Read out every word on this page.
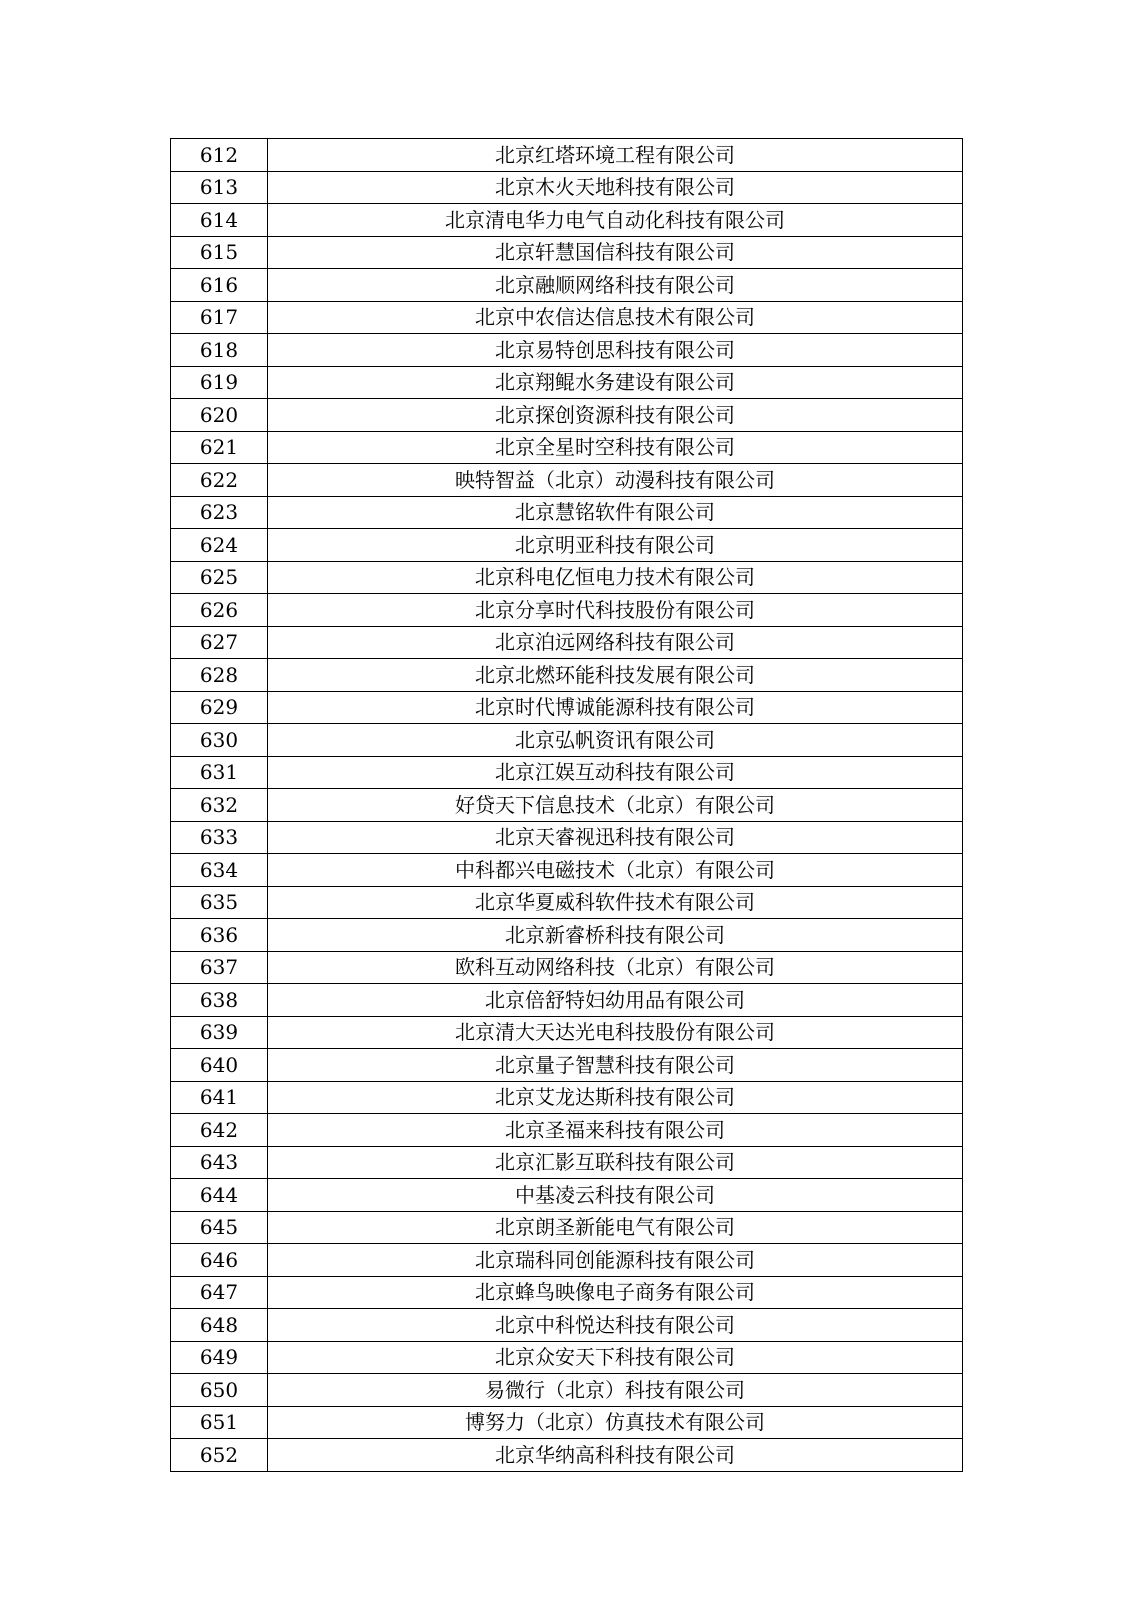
612	北京红塔环境工程有限公司
613	北京木火天地科技有限公司
614	北京清电华力电气自动化科技有限公司
615	北京轩慧国信科技有限公司
616	北京融顺网络科技有限公司
617	北京中农信达信息技术有限公司
618	北京易特创思科技有限公司
619	北京翔鲲水务建设有限公司
620	北京探创资源科技有限公司
621	北京全星时空科技有限公司
622	映特智益（北京）动漫科技有限公司
623	北京慧铭软件有限公司
624	北京明亚科技有限公司
625	北京科电亿恒电力技术有限公司
626	北京分享时代科技股份有限公司
627	北京泊远网络科技有限公司
628	北京北燃环能科技发展有限公司
629	北京时代博诚能源科技有限公司
630	北京弘帆资讯有限公司
631	北京江娱互动科技有限公司
632	好贷天下信息技术（北京）有限公司
633	北京天睿视迅科技有限公司
634	中科都兴电磁技术（北京）有限公司
635	北京华夏威科软件技术有限公司
636	北京新睿桥科技有限公司
637	欧科互动网络科技（北京）有限公司
638	北京倍舒特妇幼用品有限公司
639	北京清大天达光电科技股份有限公司
640	北京量子智慧科技有限公司
641	北京艾龙达斯科技有限公司
642	北京圣福来科技有限公司
643	北京汇影互联科技有限公司
644	中基凌云科技有限公司
645	北京朗圣新能电气有限公司
646	北京瑞科同创能源科技有限公司
647	北京蜂鸟映像电子商务有限公司
648	北京中科悦达科技有限公司
649	北京众安天下科技有限公司
650	易微行（北京）科技有限公司
651	博努力（北京）仿真技术有限公司
652	北京华纳高科科技有限公司
